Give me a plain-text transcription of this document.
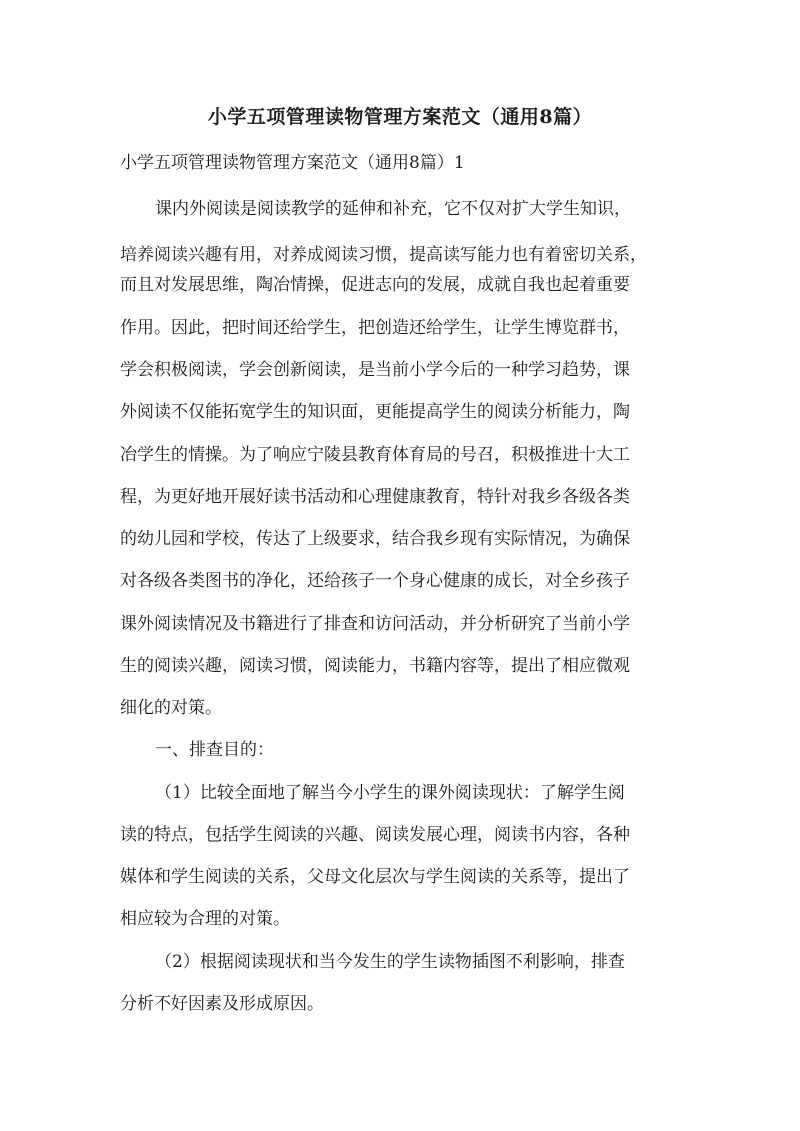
小学五项管理读物管理方案范文（通用8篇）
小学五项管理读物管理方案范文（通用8篇）1
课内外阅读是阅读教学的延伸和补充，它不仅对扩大学生知识，
培养阅读兴趣有用，对养成阅读习惯，提高读写能力也有着密切关系，
而且对发展思维，陶冶情操，促进志向的发展，成就自我也起着重要
作用。因此，把时间还给学生，把创造还给学生，让学生博览群书，
学会积极阅读，学会创新阅读，是当前小学今后的一种学习趋势，课
外阅读不仅能拓宽学生的知识面，更能提高学生的阅读分析能力，陶
冶学生的情操。为了响应宁陵县教育体育局的号召，积极推进十大工
程，为更好地开展好读书活动和心理健康教育，特针对我乡各级各类
的幼儿园和学校，传达了上级要求，结合我乡现有实际情况，为确保
对各级各类图书的净化，还给孩子一个身心健康的成长，对全乡孩子
课外阅读情况及书籍进行了排查和访问活动，并分析研究了当前小学
生的阅读兴趣，阅读习惯，阅读能力，书籍内容等，提出了相应微观
细化的对策。
一、排查目的：
（1）比较全面地了解当今小学生的课外阅读现状：了解学生阅
读的特点，包括学生阅读的兴趣、阅读发展心理，阅读书内容，各种
媒体和学生阅读的关系，父母文化层次与学生阅读的关系等，提出了
相应较为合理的对策。
（2）根据阅读现状和当今发生的学生读物插图不利影响，排查
分析不好因素及形成原因。
